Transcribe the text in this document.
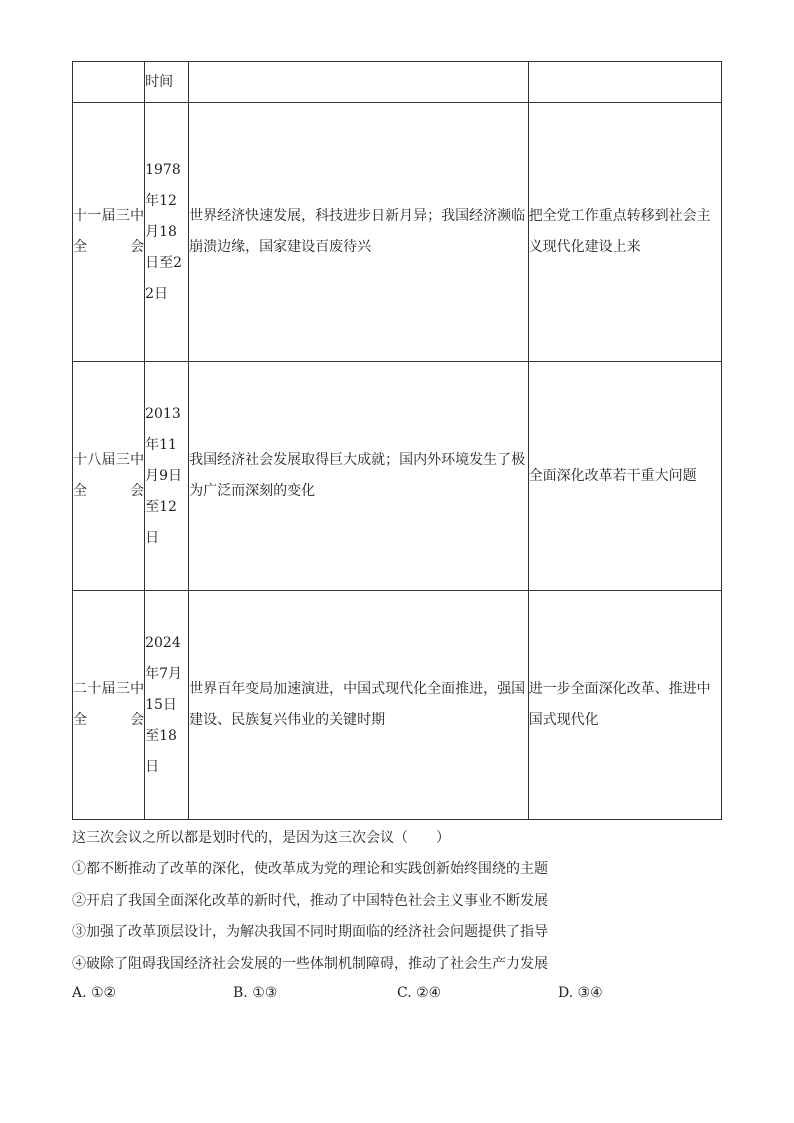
	时间		

十一届三中全会	1978年12月18日至22日	世界经济快速发展，科技进步日新月异；我国经济濒临崩溃边缘，国家建设百废待兴	把全党工作重点转移到社会主义现代化建设上来

十八届三中全会	2013年11月9日至12日	我国经济社会发展取得巨大成就；国内外环境发生了极为广泛而深刻的变化	全面深化改革若干重大问题

二十届三中全会	2024年7月15日至18日	世界百年变局加速演进，中国式现代化全面推进，强国建设、民族复兴伟业的关键时期	进一步全面深化改革、推进中国式现代化
这三次会议之所以都是划时代的，是因为这三次会议（　　）
①都不断推动了改革的深化，使改革成为党的理论和实践创新始终围绕的主题
②开启了我国全面深化改革的新时代，推动了中国特色社会主义事业不断发展
③加强了改革顶层设计，为解决我国不同时期面临的经济社会问题提供了指导
④破除了阻碍我国经济社会发展的一些体制机制障碍，推动了社会生产力发展
A. ①②	B. ①③	C. ②④	D. ③④
